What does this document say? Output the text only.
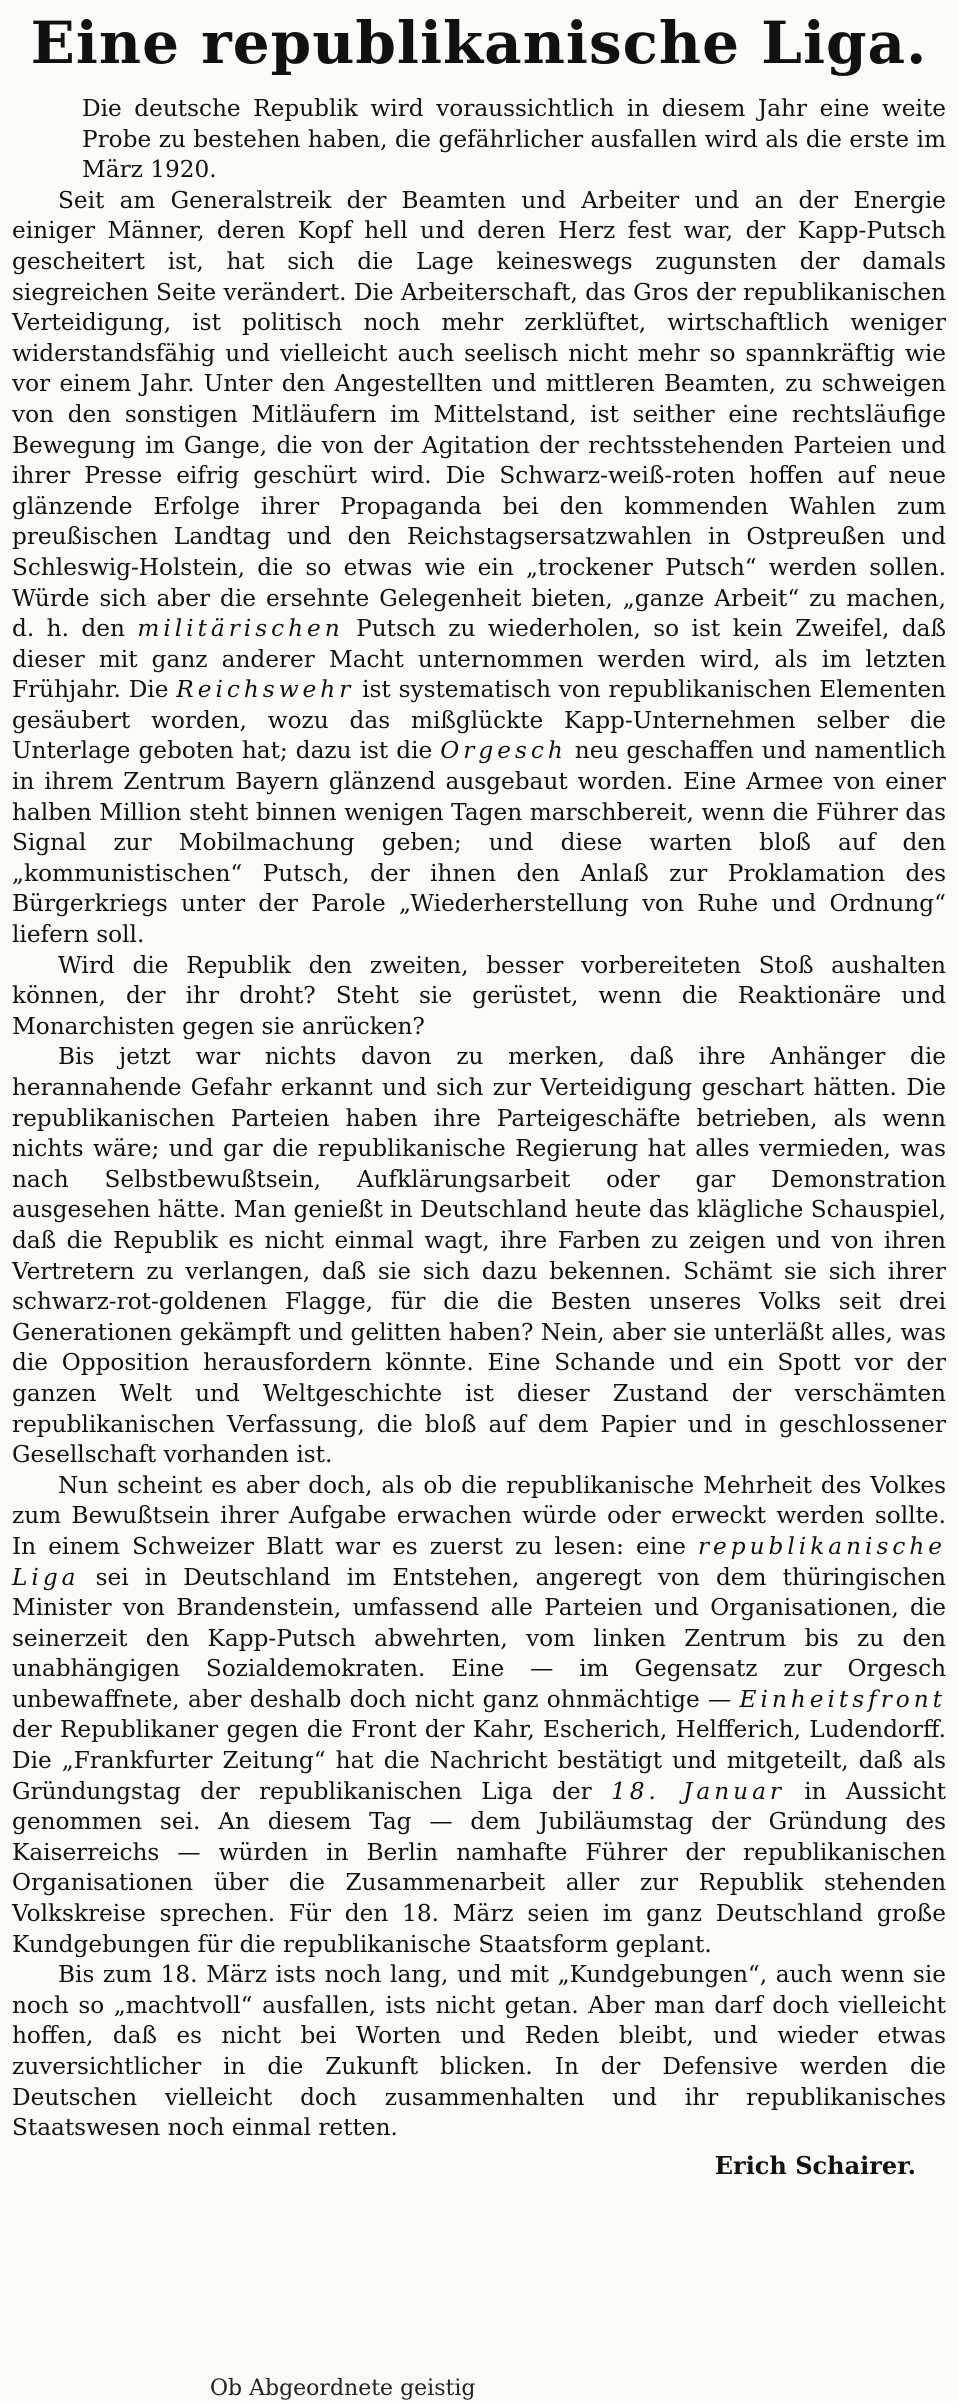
Eine republikanische Liga.

Die deutsche Republik wird voraussichtlich in diesem Jahr eine weite Probe zu bestehen haben, die gefährlicher ausfallen wird als die erste im März 1920.

Seit am Generalstreik der Beamten und Arbeiter und an der Energie einiger Männer, deren Kopf hell und deren Herz fest war, der Kapp-Putsch gescheitert ist, hat sich die Lage keineswegs zugunsten der damals siegreichen Seite verändert. Die Arbeiterschaft, das Gros der republikanischen Verteidigung, ist politisch noch mehr zerklüftet, wirtschaftlich weniger widerstandsfähig und vielleicht auch seelisch nicht mehr so spannkräftig wie vor einem Jahr. Unter den Angestellten und mittleren Beamten, zu schweigen von den sonstigen Mitläufern im Mittelstand, ist seither eine rechtsläufige Bewegung im Gange, die von der Agitation der rechtsstehenden Parteien und ihrer Presse eifrig geschürt wird. Die Schwarz-weiß-roten hoffen auf neue glänzende Erfolge ihrer Propaganda bei den kommenden Wahlen zum preußischen Landtag und den Reichstagsersatzwahlen in Ostpreußen und Schleswig-Holstein, die so etwas wie ein „trockener Putsch“ werden sollen. Würde sich aber die ersehnte Gelegenheit bieten, „ganze Arbeit“ zu machen, d. h. den militärischen Putsch zu wiederholen, so ist kein Zweifel, daß dieser mit ganz anderer Macht unternommen werden wird, als im letzten Frühjahr. Die Reichswehr ist systematisch von republikanischen Elementen gesäubert worden, wozu das mißglückte Kapp-Unternehmen selber die Unterlage geboten hat; dazu ist die Orgesch neu geschaffen und namentlich in ihrem Zentrum Bayern glänzend ausgebaut worden. Eine Armee von einer halben Million steht binnen wenigen Tagen marschbereit, wenn die Führer das Signal zur Mobilmachung geben; und diese warten bloß auf den „kommunistischen“ Putsch, der ihnen den Anlaß zur Proklamation des Bürgerkriegs unter der Parole „Wiederherstellung von Ruhe und Ordnung“ liefern soll.

Wird die Republik den zweiten, besser vorbereiteten Stoß aushalten können, der ihr droht? Steht sie gerüstet, wenn die Reaktionäre und Monarchisten gegen sie anrücken?

Bis jetzt war nichts davon zu merken, daß ihre Anhänger die herannahende Gefahr erkannt und sich zur Verteidigung geschart hätten. Die republikanischen Parteien haben ihre Parteigeschäfte betrieben, als wenn nichts wäre; und gar die republikanische Regierung hat alles vermieden, was nach Selbstbewußtsein, Aufklärungsarbeit oder gar Demonstration ausgesehen hätte. Man genießt in Deutschland heute das klägliche Schauspiel, daß die Republik es nicht einmal wagt, ihre Farben zu zeigen und von ihren Vertretern zu verlangen, daß sie sich dazu bekennen. Schämt sie sich ihrer schwarz-rot-goldenen Flagge, für die die Besten unseres Volks seit drei Generationen gekämpft und gelitten haben? Nein, aber sie unterläßt alles, was die Opposition herausfordern könnte. Eine Schande und ein Spott vor der ganzen Welt und Weltgeschichte ist dieser Zustand der verschämten republikanischen Verfassung, die bloß auf dem Papier und in geschlossener Gesellschaft vorhanden ist.

Nun scheint es aber doch, als ob die republikanische Mehrheit des Volkes zum Bewußtsein ihrer Aufgabe erwachen würde oder erweckt werden sollte. In einem Schweizer Blatt war es zuerst zu lesen: eine republikanische Liga sei in Deutschland im Entstehen, angeregt von dem thüringischen Minister von Brandenstein, umfassend alle Parteien und Organisationen, die seinerzeit den Kapp-Putsch abwehrten, vom linken Zentrum bis zu den unabhängigen Sozialdemokraten. Eine — im Gegensatz zur Orgesch unbewaffnete, aber deshalb doch nicht ganz ohnmächtige — Einheitsfront der Republikaner gegen die Front der Kahr, Escherich, Helfferich, Ludendorff. Die „Frankfurter Zeitung“ hat die Nachricht bestätigt und mitgeteilt, daß als Gründungstag der republikanischen Liga der 18. Januar in Aussicht genommen sei. An diesem Tag — dem Jubiläumstag der Gründung des Kaiserreichs — würden in Berlin namhafte Führer der republikanischen Organisationen über die Zusammenarbeit aller zur Republik stehenden Volkskreise sprechen. Für den 18. März seien im ganz Deutschland große Kundgebungen für die republikanische Staatsform geplant.

Bis zum 18. März ists noch lang, und mit „Kundgebungen“, auch wenn sie noch so „machtvoll“ ausfallen, ists nicht getan. Aber man darf doch vielleicht hoffen, daß es nicht bei Worten und Reden bleibt, und wieder etwas zuversichtlicher in die Zukunft blicken. In der Defensive werden die Deutschen vielleicht doch zusammenhalten und ihr republikanisches Staatswesen noch einmal retten.

Erich Schairer.
Ob Abgeordnete geistig
